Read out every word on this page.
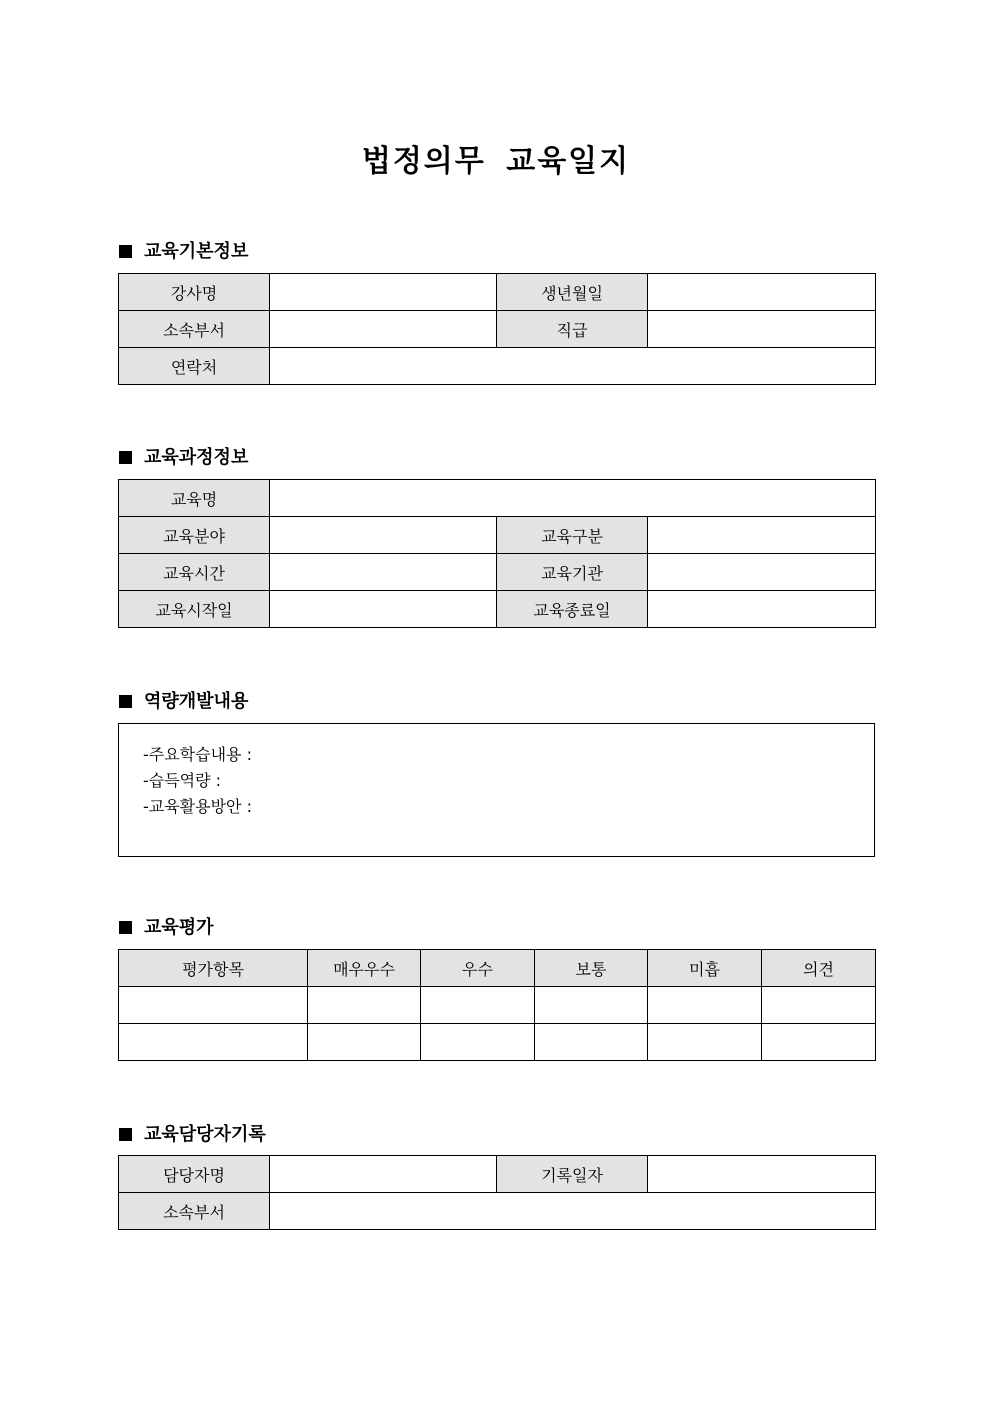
법정의무 교육일지
교육기본정보
강사명		생년월일	
소속부서		직급	
연락처			
교육과정정보
교육명			
교육분야		교육구분	
교육시간		교육기관	
교육시작일		교육종료일	
역량개발내용
-주요학습내용 :
-습득역량 :
-교육활용방안 :
교육평가
평가항목	매우우수	우수	보통	미흡	의견

교육담당자기록
담당자명		기록일자	
소속부서			
